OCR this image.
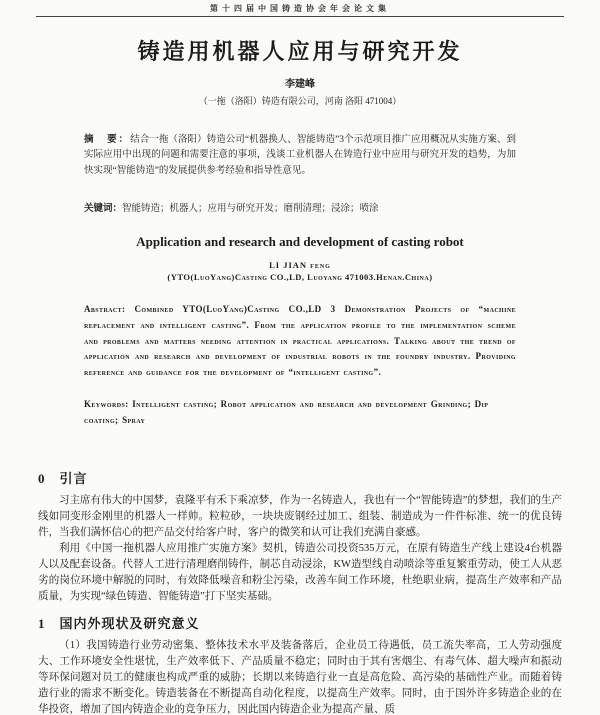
第十四届中国铸造协会年会论文集
铸造用机器人应用与研究开发
李建峰
（一拖（洛阳）铸造有限公司，河南 洛阳 471004）

摘　要：结合一拖（洛阳）铸造公司“机器换人、智能铸造”3个示范项目推广应用概况从实施方案、到实际应用中出现的问题和需要注意的事项，浅谈工业机器人在铸造行业中应用与研究开发的趋势，为加快实现“智能铸造”的发展提供参考经验和指导性意见。

关键词：智能铸造；机器人；应用与研究开发；磨削清理；浸涂；喷涂

Application and research and development of casting robot
LI JIAN feng
(YTO(LuoYang)Casting CO.,LD, Luoyang 471003.Henan.China)

Abstract: Combined YTO(LuoYang)Casting CO.,LD 3 Demonstration Projects of “machine replacement and intelligent casting”. From the application profile to the implementation scheme and problems and matters needing attention in practical applications. Talking about the trend of application and research and development of industrial robots in the foundry industry. Providing reference and guidance for the development of “intelligent casting”.

Keywords: Intelligent casting; Robot application and research and development Grinding; Dip coating; Spray

0　引言

习主席有伟大的中国梦，袁隆平有禾下乘凉梦，作为一名铸造人，我也有一个“智能铸造”的梦想，我们的生产线如同变形金刚里的机器人一样帅。粒粒砂，一块块废钢经过加工、组装、制造成为一件件标准、统一的优良铸件，当我们满怀信心的把产品交付给客户时，客户的微笑和认可让我们充满自豪感。

利用《中国一拖机器人应用推广实施方案》契机，铸造公司投资535万元，在原有铸造生产线上建设4台机器人以及配套设备。代替人工进行清理磨削铸件，制芯自动浸涂，KW造型线自动喷涂等重复繁重劳动，使工人从恶劣的岗位环境中解脱的同时，有效降低噪音和粉尘污染，改善车间工作环境，杜绝职业病，提高生产效率和产品质量，为实现“绿色铸造、智能铸造”打下坚实基础。

1　国内外现状及研究意义

（1）我国铸造行业劳动密集、整体技术水平及装备落后，企业员工待遇低，员工流失率高，工人劳动强度大、工作环境安全性堪忧，生产效率低下、产品质量不稳定；同时由于其有害烟尘、有毒气体、超大噪声和振动等环保问题对员工的健康也构成严重的威胁；长期以来铸造行业一直是高危险、高污染的基础性产业。而随着铸造行业的需求不断变化。铸造装备在不断提高自动化程度，以提高生产效率。同时，由于国外许多铸造企业的在华投资，增加了国内铸造企业的竞争压力，因此国内铸造企业为提高产量、质
